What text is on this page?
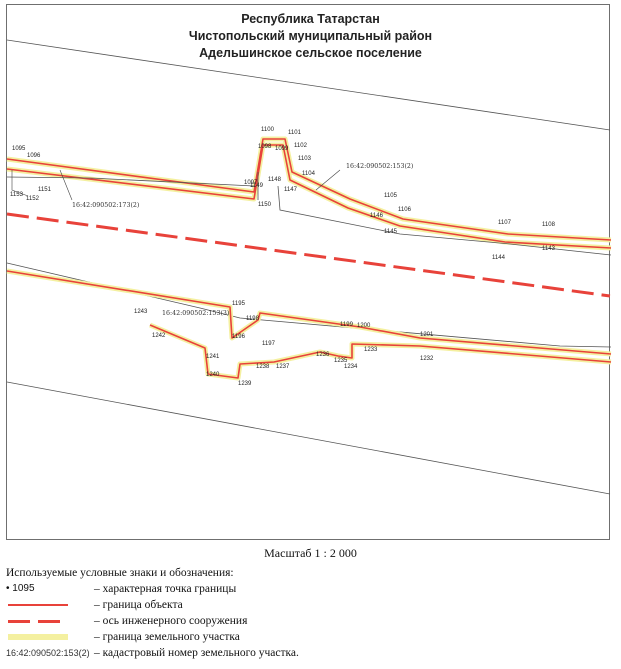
1095
1096
1151
1152
1153
1097
1098 1099
1100 1101
1102
1103
1104
1147
1148
1149
1150
1105
1106
1146
1145
1107	1108
1144
1143
1195
1198
1196
1197
1243
1242
1241
1240
1239
1238 1237
1236
1235
1234
1233
1199 1200
1201
1232
16:42:090502:153(2)
16:42:090502:173(2)
16:42:090502:153(3)
Республика Татарстан
Чистопольский муниципальный район
Адельшинское сельское поселение
Масштаб 1 : 2 000
Используемые условные знаки и обозначения:
• 1095	– характерная точка границы
– граница объекта
– ось инженерного сооружения
– граница земельного участка
16:42:090502:153(2) – кадастровый номер земельного участка.
